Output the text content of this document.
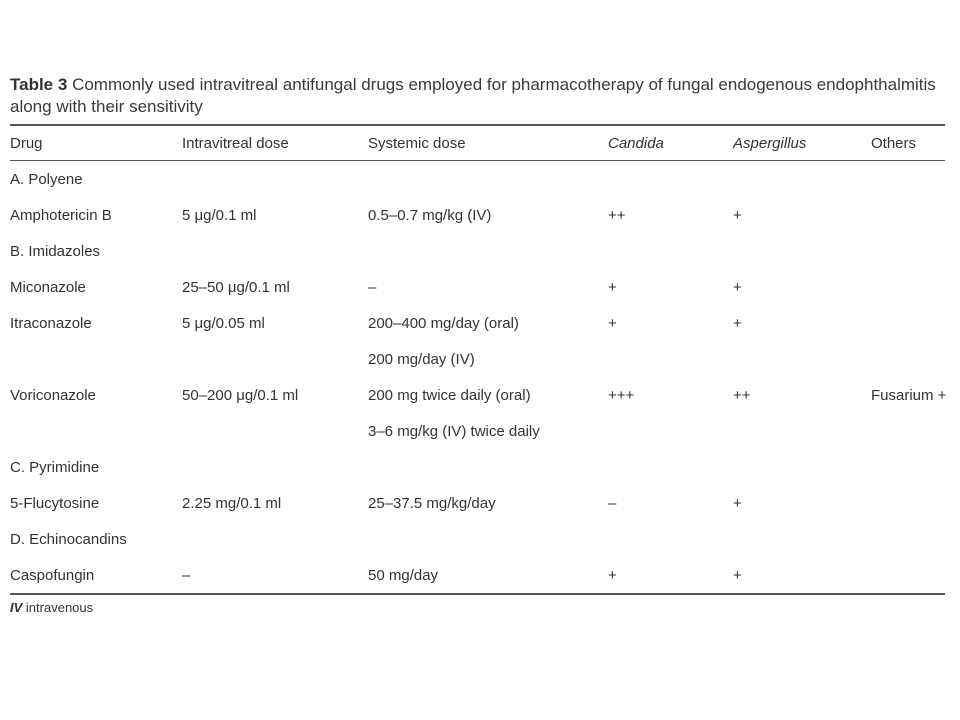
Table 3 Commonly used intravitreal antifungal drugs employed for pharmacotherapy of fungal endogenous endophthalmitis along with their sensitivity

Drug	Intravitreal dose	Systemic dose	Candida	Aspergillus	Others

A. Polyene					
Amphotericin B	5 μg/0.1 ml	0.5–0.7 mg/kg (IV)	++	+	
B. Imidazoles					
Miconazole	25–50 μg/0.1 ml	–	+	+	
Itraconazole	5 μg/0.05 ml	200–400 mg/day (oral)	+	+	
		200 mg/day (IV)			
Voriconazole	50–200 μg/0.1 ml	200 mg twice daily (oral)	+++	++	Fusarium +
		3–6 mg/kg (IV) twice daily			
C. Pyrimidine					
5-Flucytosine	2.25 mg/0.1 ml	25–37.5 mg/kg/day	–	+	
D. Echinocandins					
Caspofungin	–	50 mg/day	+	+	
IV intravenous
